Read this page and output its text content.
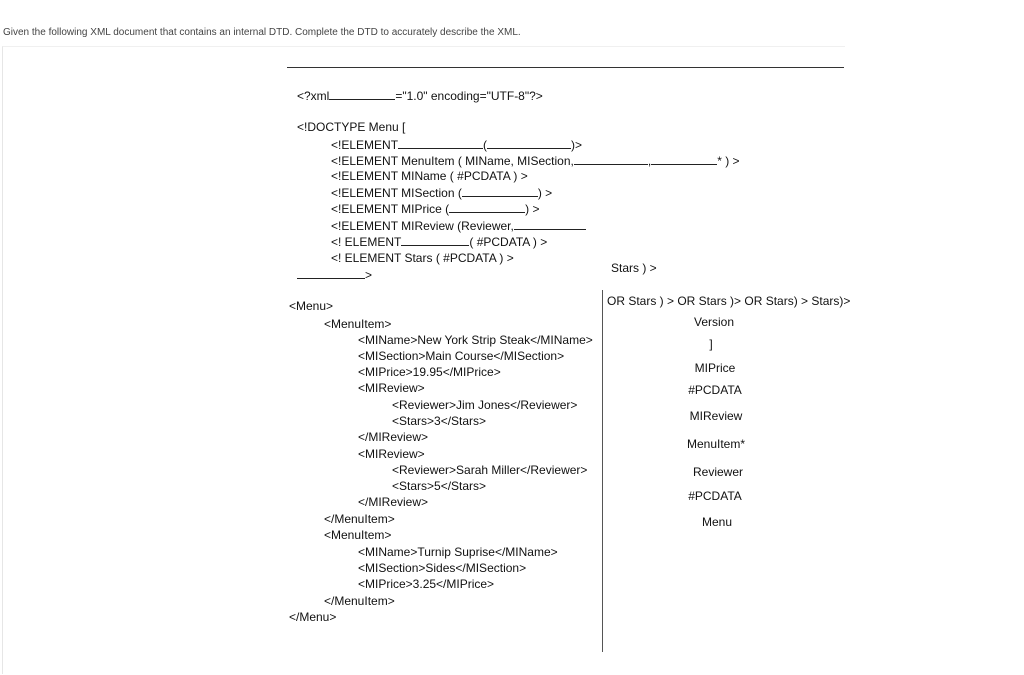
Given the following XML document that contains an internal DTD. Complete the DTD to accurately describe the XML.
<?xml	="1.0" encoding="UTF-8"?>
<!DOCTYPE Menu [
<!ELEMENT	(	)>
<!ELEMENT MenuItem ( MIName, MISection,	,	* ) >
<!ELEMENT MIName ( #PCDATA ) >
<!ELEMENT MISection (	) >
<!ELEMENT MIPrice (	) >
<!ELEMENT MIReview (Reviewer,
<! ELEMENT	( #PCDATA ) >
<! ELEMENT Stars ( #PCDATA ) >
>
<Menu>
<MenuItem>
<MIName>New York Strip Steak</MIName>
<MISection>Main Course</MISection>
<MIPrice>19.95</MIPrice>
<MIReview>
<Reviewer>Jim Jones</Reviewer>
<Stars>3</Stars>
</MIReview>
<MIReview>
<Reviewer>Sarah Miller</Reviewer>
<Stars>5</Stars>
</MIReview>
</MenuItem>
<MenuItem>
<MIName>Turnip Suprise</MIName>
<MISection>Sides</MISection>
<MIPrice>3.25</MIPrice>
</MenuItem>
</Menu>
Stars ) >
OR Stars ) > OR Stars )> OR Stars) > Stars)>
Version
]
MIPrice
#PCDATA
MIReview
MenuItem*
Reviewer
#PCDATA
Menu
